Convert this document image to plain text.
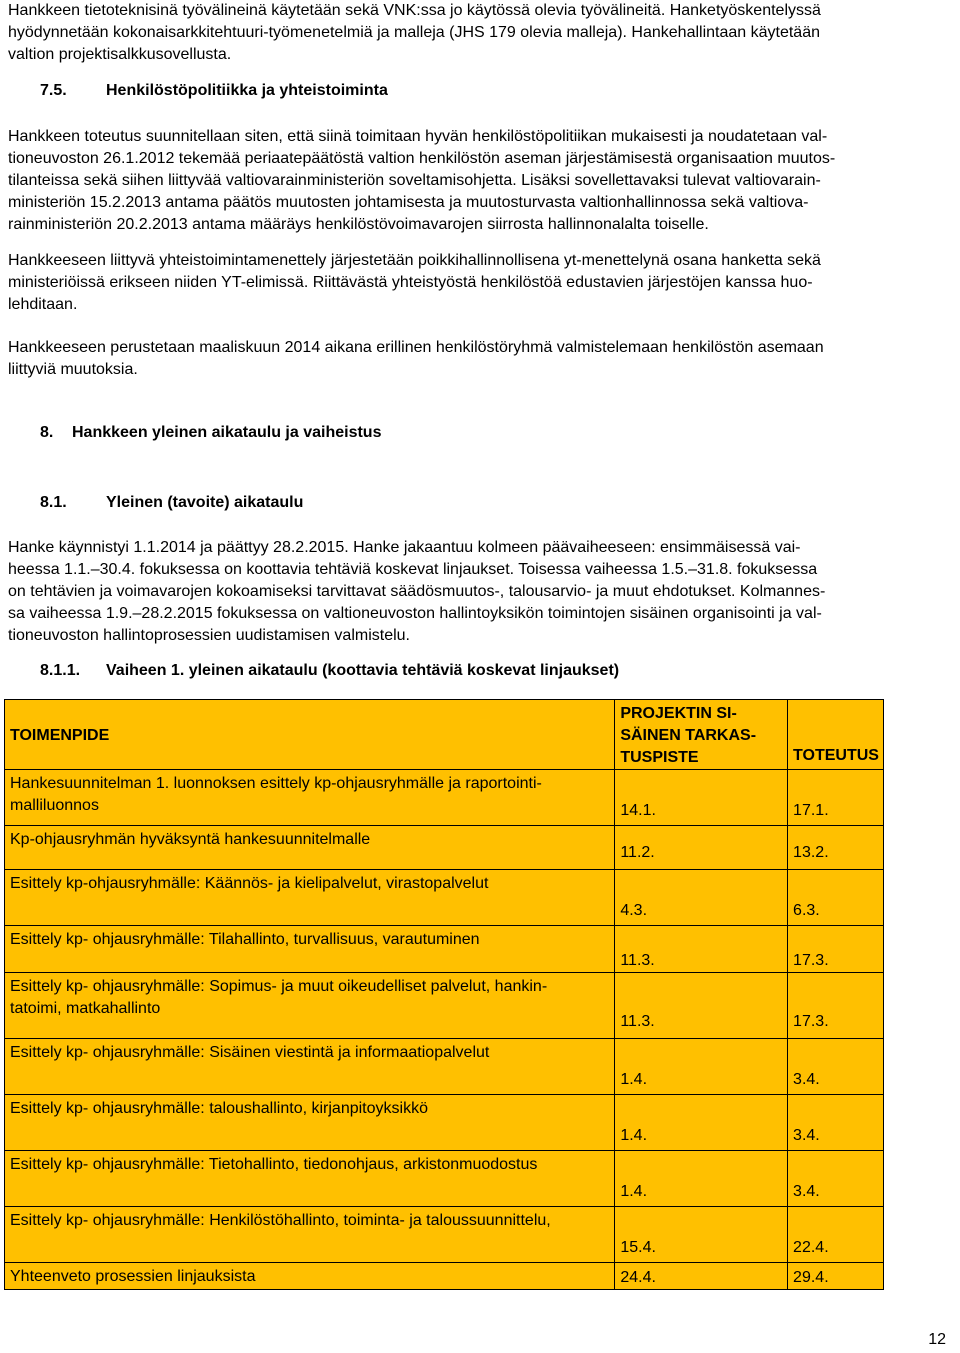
Hankkeen tietoteknisinä työvälineinä käytetään sekä VNK:ssa jo käytössä olevia työvälineitä. Hanketyöskentelyssä
hyödynnetään kokonaisarkkitehtuuri-työmenetelmiä ja malleja (JHS 179 olevia malleja). Hankehallintaan käytetään
valtion projektisalkkusovellusta.
7.5. Henkilöstöpolitiikka ja yhteistoiminta
Hankkeen toteutus suunnitellaan siten, että siinä toimitaan hyvän henkilöstöpolitiikan mukaisesti ja noudatetaan val-
tioneuvoston 26.1.2012 tekemää periaatepäätöstä valtion henkilöstön aseman järjestämisestä organisaation muutos-
tilanteissa sekä siihen liittyvää valtiovarainministeriön soveltamisohjetta. Lisäksi sovellettavaksi tulevat valtiovarain-
ministeriön 15.2.2013 antama päätös muutosten johtamisesta ja muutosturvasta valtionhallinnossa sekä valtiova-
rainministeriön 20.2.2013 antama määräys henkilöstövoimavarojen siirrosta hallinnonalalta toiselle.
Hankkeeseen liittyvä yhteistoimintamenettely järjestetään poikkihallinnollisena yt-menettelynä osana hanketta sekä
ministeriöissä erikseen niiden YT-elimissä. Riittävästä yhteistyöstä henkilöstöä edustavien järjestöjen kanssa huo-
lehditaan.
Hankkeeseen perustetaan maaliskuun 2014 aikana erillinen henkilöstöryhmä valmistelemaan henkilöstön asemaan
liittyviä muutoksia.
8. Hankkeen yleinen aikataulu ja vaiheistus
8.1. Yleinen (tavoite) aikataulu
Hanke käynnistyi 1.1.2014 ja päättyy 28.2.2015. Hanke jakaantuu kolmeen päävaiheeseen: ensimmäisessä vai-
heessa 1.1.–30.4. fokuksessa on koottavia tehtäviä koskevat linjaukset. Toisessa vaiheessa 1.5.–31.8. fokuksessa
on tehtävien ja voimavarojen kokoamiseksi tarvittavat säädösmuutos-, talousarvio- ja muut ehdotukset. Kolmannes-
sa vaiheessa 1.9.–28.2.2015 fokuksessa on valtioneuvoston hallintoyksikön toimintojen sisäinen organisointi ja val-
tioneuvoston hallintoprosessien uudistamisen valmistelu.
8.1.1. Vaiheen 1. yleinen aikataulu (koottavia tehtäviä koskevat linjaukset)
TOIMENPIDE	PROJEKTIN SI-
SÄINEN TARKAS-
TUSPISTE	TOTEUTUS
Hankesuunnitelman 1. luonnoksen esittely kp-ohjausryhmälle ja raportointi-
malliluonnos	14.1.	17.1.
Kp-ohjausryhmän hyväksyntä hankesuunnitelmalle	11.2.	13.2.
Esittely kp-ohjausryhmälle: Käännös- ja kielipalvelut, virastopalvelut	4.3.	6.3.
Esittely kp- ohjausryhmälle: Tilahallinto, turvallisuus, varautuminen	11.3.	17.3.
Esittely kp- ohjausryhmälle: Sopimus- ja muut oikeudelliset palvelut, hankin-
tatoimi, matkahallinto	11.3.	17.3.
Esittely kp- ohjausryhmälle: Sisäinen viestintä ja informaatiopalvelut	1.4.	3.4.
Esittely kp- ohjausryhmälle: taloushallinto, kirjanpitoyksikkö	1.4.	3.4.
Esittely kp- ohjausryhmälle: Tietohallinto, tiedonohjaus, arkistonmuodostus	1.4.	3.4.
Esittely kp- ohjausryhmälle: Henkilöstöhallinto, toiminta- ja taloussuunnittelu,	15.4.	22.4.
Yhteenveto prosessien linjauksista	24.4.	29.4.
12
